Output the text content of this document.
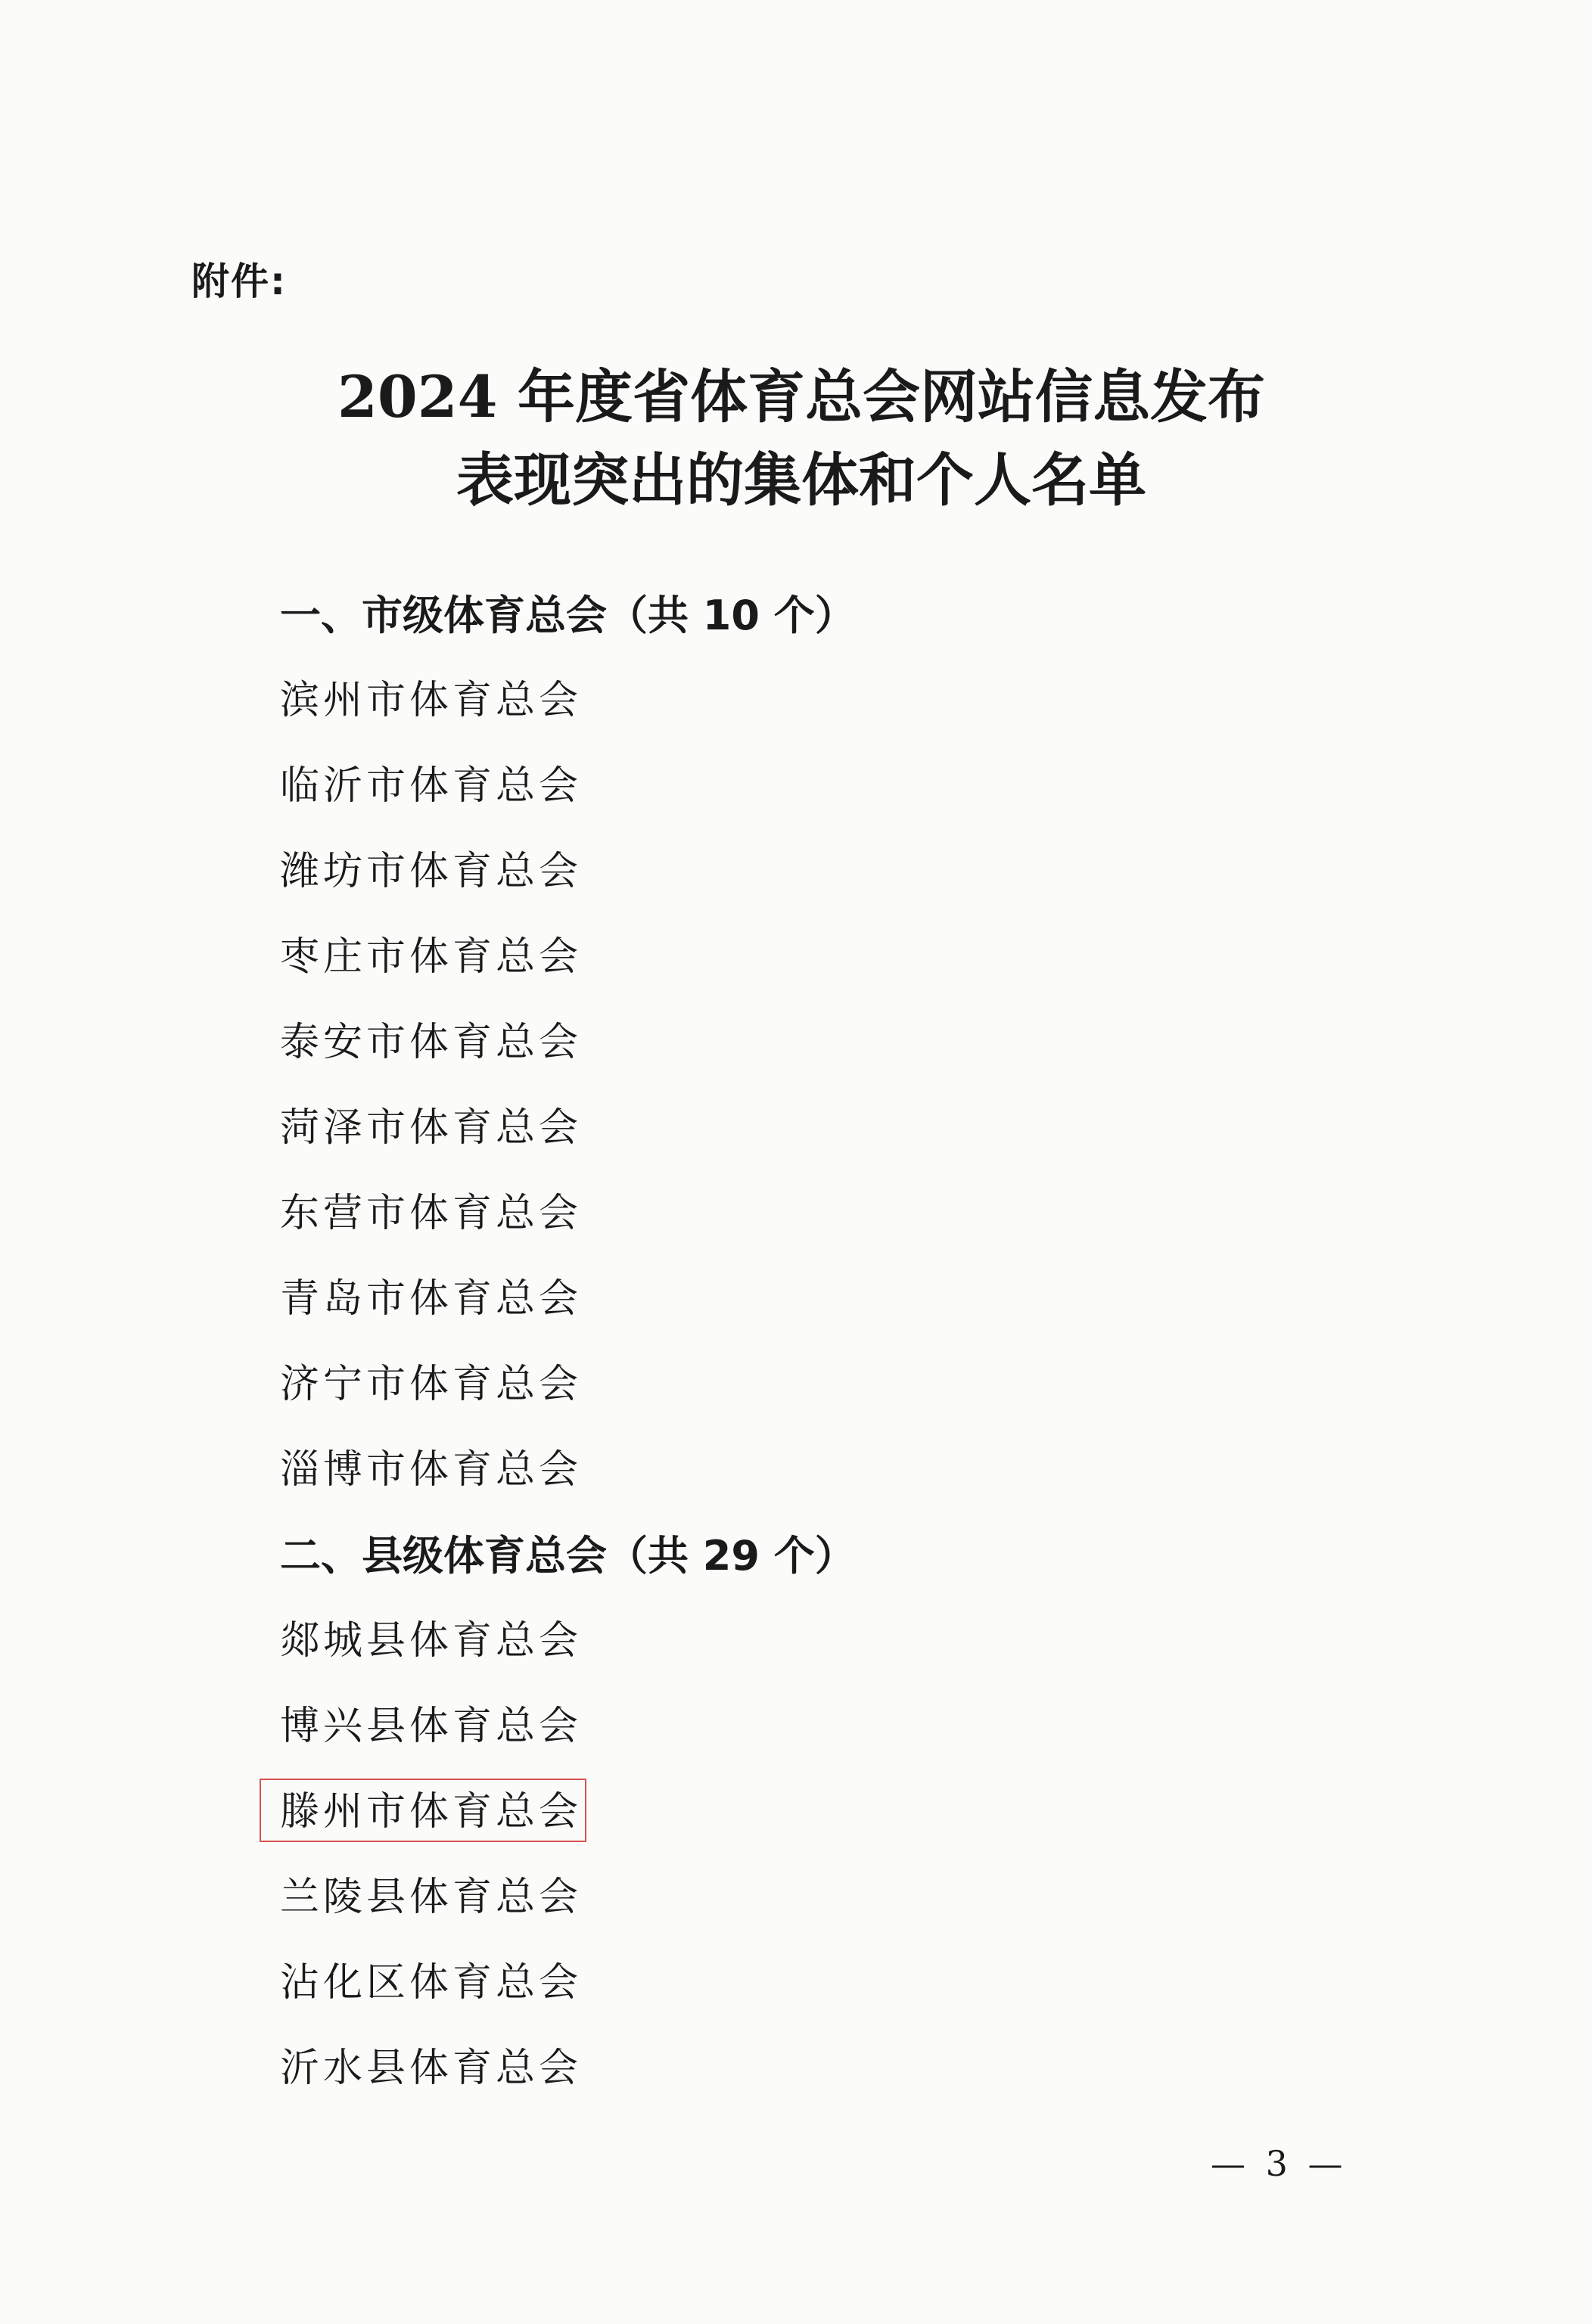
附件:
2024 年度省体育总会网站信息发布
表现突出的集体和个人名单
一、市级体育总会（共 10 个）
滨州市体育总会
临沂市体育总会
潍坊市体育总会
枣庄市体育总会
泰安市体育总会
菏泽市体育总会
东营市体育总会
青岛市体育总会
济宁市体育总会
淄博市体育总会
二、县级体育总会（共 29 个）
郯城县体育总会
博兴县体育总会
滕州市体育总会
兰陵县体育总会
沾化区体育总会
沂水县体育总会
— 3 —
